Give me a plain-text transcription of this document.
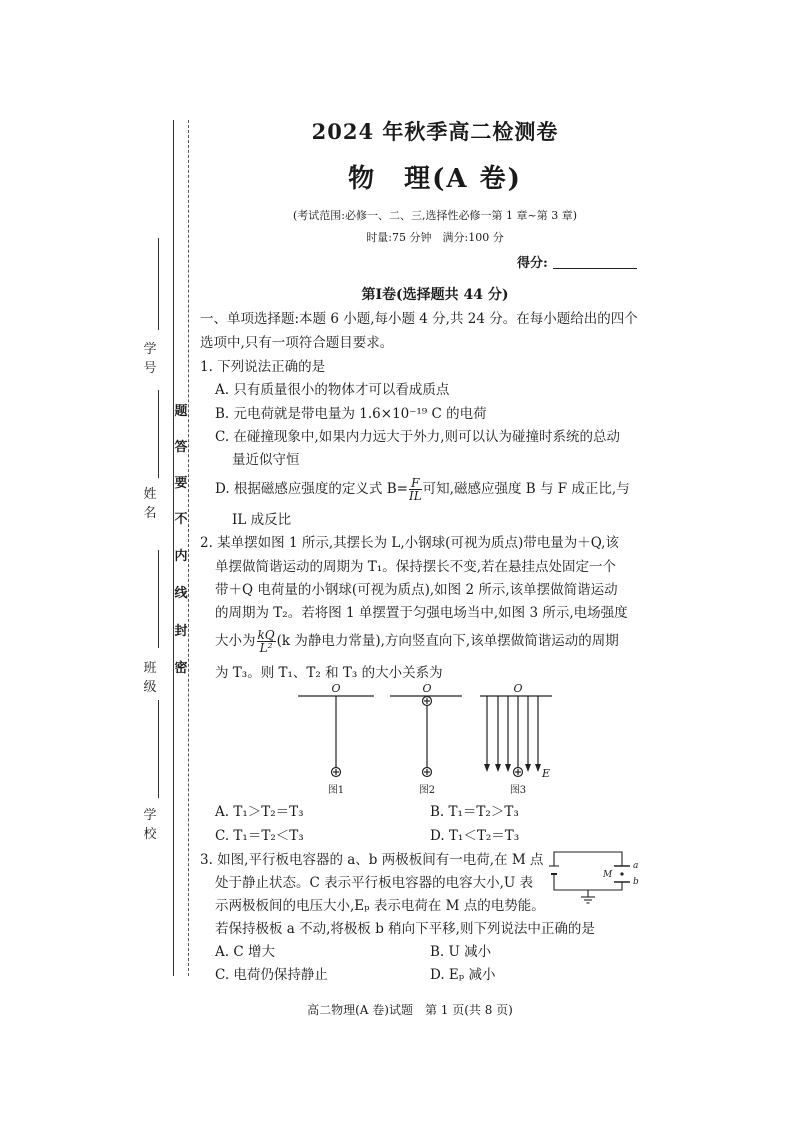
学 号
姓 名
班 级
学 校
题
答
要
不
内
线
封
密
2024 年秋季高二检测卷
物　理(A 卷)
(考试范围:必修一、二、三,选择性必修一第 1 章~第 3 章)
时量:75 分钟　满分:100 分
得分:
第Ⅰ卷(选择题共 44 分)
一、单项选择题:本题 6 小题,每小题 4 分,共 24 分。在每小题给出的四个
选项中,只有一项符合题目要求。
1. 下列说法正确的是
A. 只有质量很小的物体才可以看成质点
B. 元电荷就是带电量为 1.6×10⁻¹⁹ C 的电荷
C. 在碰撞现象中,如果内力远大于外力,则可以认为碰撞时系统的总动
量近似守恒
D. 根据磁感应强度的定义式 $B= \frac{F}{IL}$ 可知,磁感应强度 B 与 F 成正比,与
IL 成反比
2. 某单摆如图 1 所示,其摆长为 L,小钢球(可视为质点)带电量为＋Q,该
单摆做简谐运动的周期为 T₁。保持摆长不变,若在悬挂点处固定一个
带＋Q 电荷量的小钢球(可视为质点),如图 2 所示,该单摆做简谐运动
的周期为 T₂。若将图 1 单摆置于匀强电场当中,如图 3 所示,电场强度
大小为 $\frac{kQ}{\text{L²}} (k$ 为静电力常量),方向竖直向下,该单摆做简谐运动的周期
为 T₃。则 T₁、T₂ 和 T₃ 的大小关系为
O	O	O
E
图1	图2	图3
A. T₁＞T₂＝T₃	B. T₁＝T₂＞T₃
C. T₁＝T₂＜T₃	D. T₁＜T₂＝T₃
3. 如图,平行板电容器的 a、b 两极板间有一电荷,在 M 点
处于静止状态。C 表示平行板电容器的电容大小,U 表
示两极板间的电压大小,Eₚ 表示电荷在 M 点的电势能。
若保持极板 a 不动,将极板 b 稍向下平移,则下列说法中正确的是
M
a
b
A. C 增大	B. U 减小
C. 电荷仍保持静止	D. Eₚ 减小
高二物理(A 卷)试题　第 1 页(共 8 页)
